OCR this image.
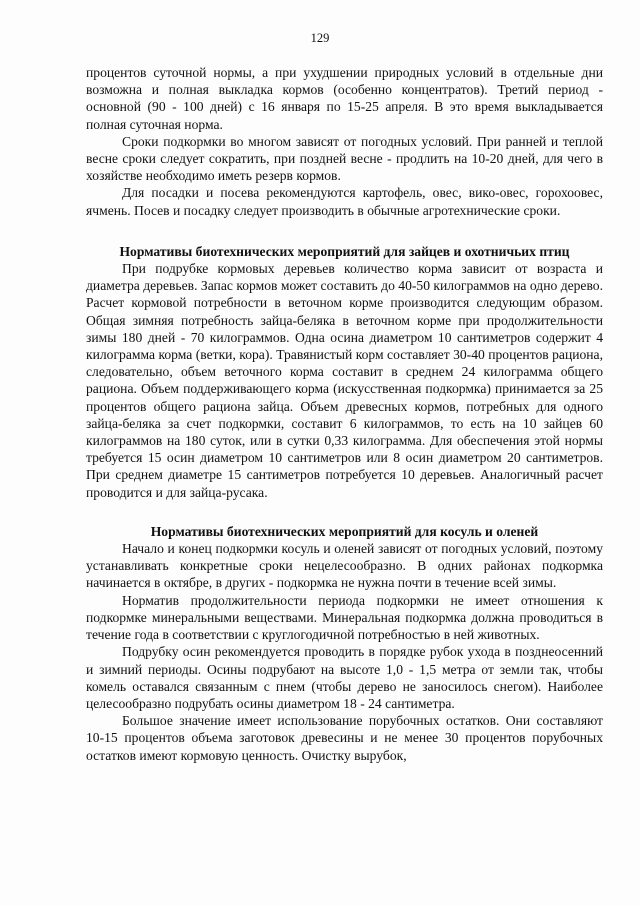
129

процентов суточной нормы, а при ухудшении природных условий в отдельные дни возможна и полная выкладка кормов (особенно концентратов). Третий период - основной (90 - 100 дней) с 16 января по 15-25 апреля. В это время выкладывается полная суточная норма.

Сроки подкормки во многом зависят от погодных условий. При ранней и теплой весне сроки следует сократить, при поздней весне - продлить на 10-20 дней, для чего в хозяйстве необходимо иметь резерв кормов.

Для посадки и посева рекомендуются картофель, овес, вико-овес, горохоовес, ячмень. Посев и посадку следует производить в обычные агротехнические сроки.

Нормативы биотехнических мероприятий для зайцев и охотничьих птиц

При подрубке кормовых деревьев количество корма зависит от возраста и диаметра деревьев. Запас кормов может составить до 40-50 килограммов на одно дерево. Расчет кормовой потребности в веточном корме производится следующим образом. Общая зимняя потребность зайца-беляка в веточном корме при продолжительности зимы 180 дней - 70 килограммов. Одна осина диаметром 10 сантиметров содержит 4 килограмма корма (ветки, кора). Травянистый корм составляет 30-40 процентов рациона, следовательно, объем веточного корма составит в среднем 24 килограмма общего рациона. Объем поддерживающего корма (искусственная подкормка) принимается за 25 процентов общего рациона зайца. Объем древесных кормов, потребных для одного зайца-беляка за счет подкормки, составит 6 килограммов, то есть на 10 зайцев 60 килограммов на 180 суток, или в сутки 0,33 килограмма. Для обеспечения этой нормы требуется 15 осин диаметром 10 сантиметров или 8 осин диаметром 20 сантиметров. При среднем диаметре 15 сантиметров потребуется 10 деревьев. Аналогичный расчет проводится и для зайца-русака.

Нормативы биотехнических мероприятий для косуль и оленей

Начало и конец подкормки косуль и оленей зависят от погодных условий, поэтому устанавливать конкретные сроки нецелесообразно. В одних районах подкормка начинается в октябре, в других - подкормка не нужна почти в течение всей зимы.

Норматив продолжительности периода подкормки не имеет отношения к подкормке минеральными веществами. Минеральная подкормка должна проводиться в течение года в соответствии с круглогодичной потребностью в ней животных.

Подрубку осин рекомендуется проводить в порядке рубок ухода в позднеосенний и зимний периоды. Осины подрубают на высоте 1,0 - 1,5 метра от земли так, чтобы комель оставался связанным с пнем (чтобы дерево не заносилось снегом). Наиболее целесообразно подрубать осины диаметром 18 - 24 сантиметра.

Большое значение имеет использование порубочных остатков. Они составляют 10-15 процентов объема заготовок древесины и не менее 30 процентов порубочных остатков имеют кормовую ценность. Очистку вырубок,
